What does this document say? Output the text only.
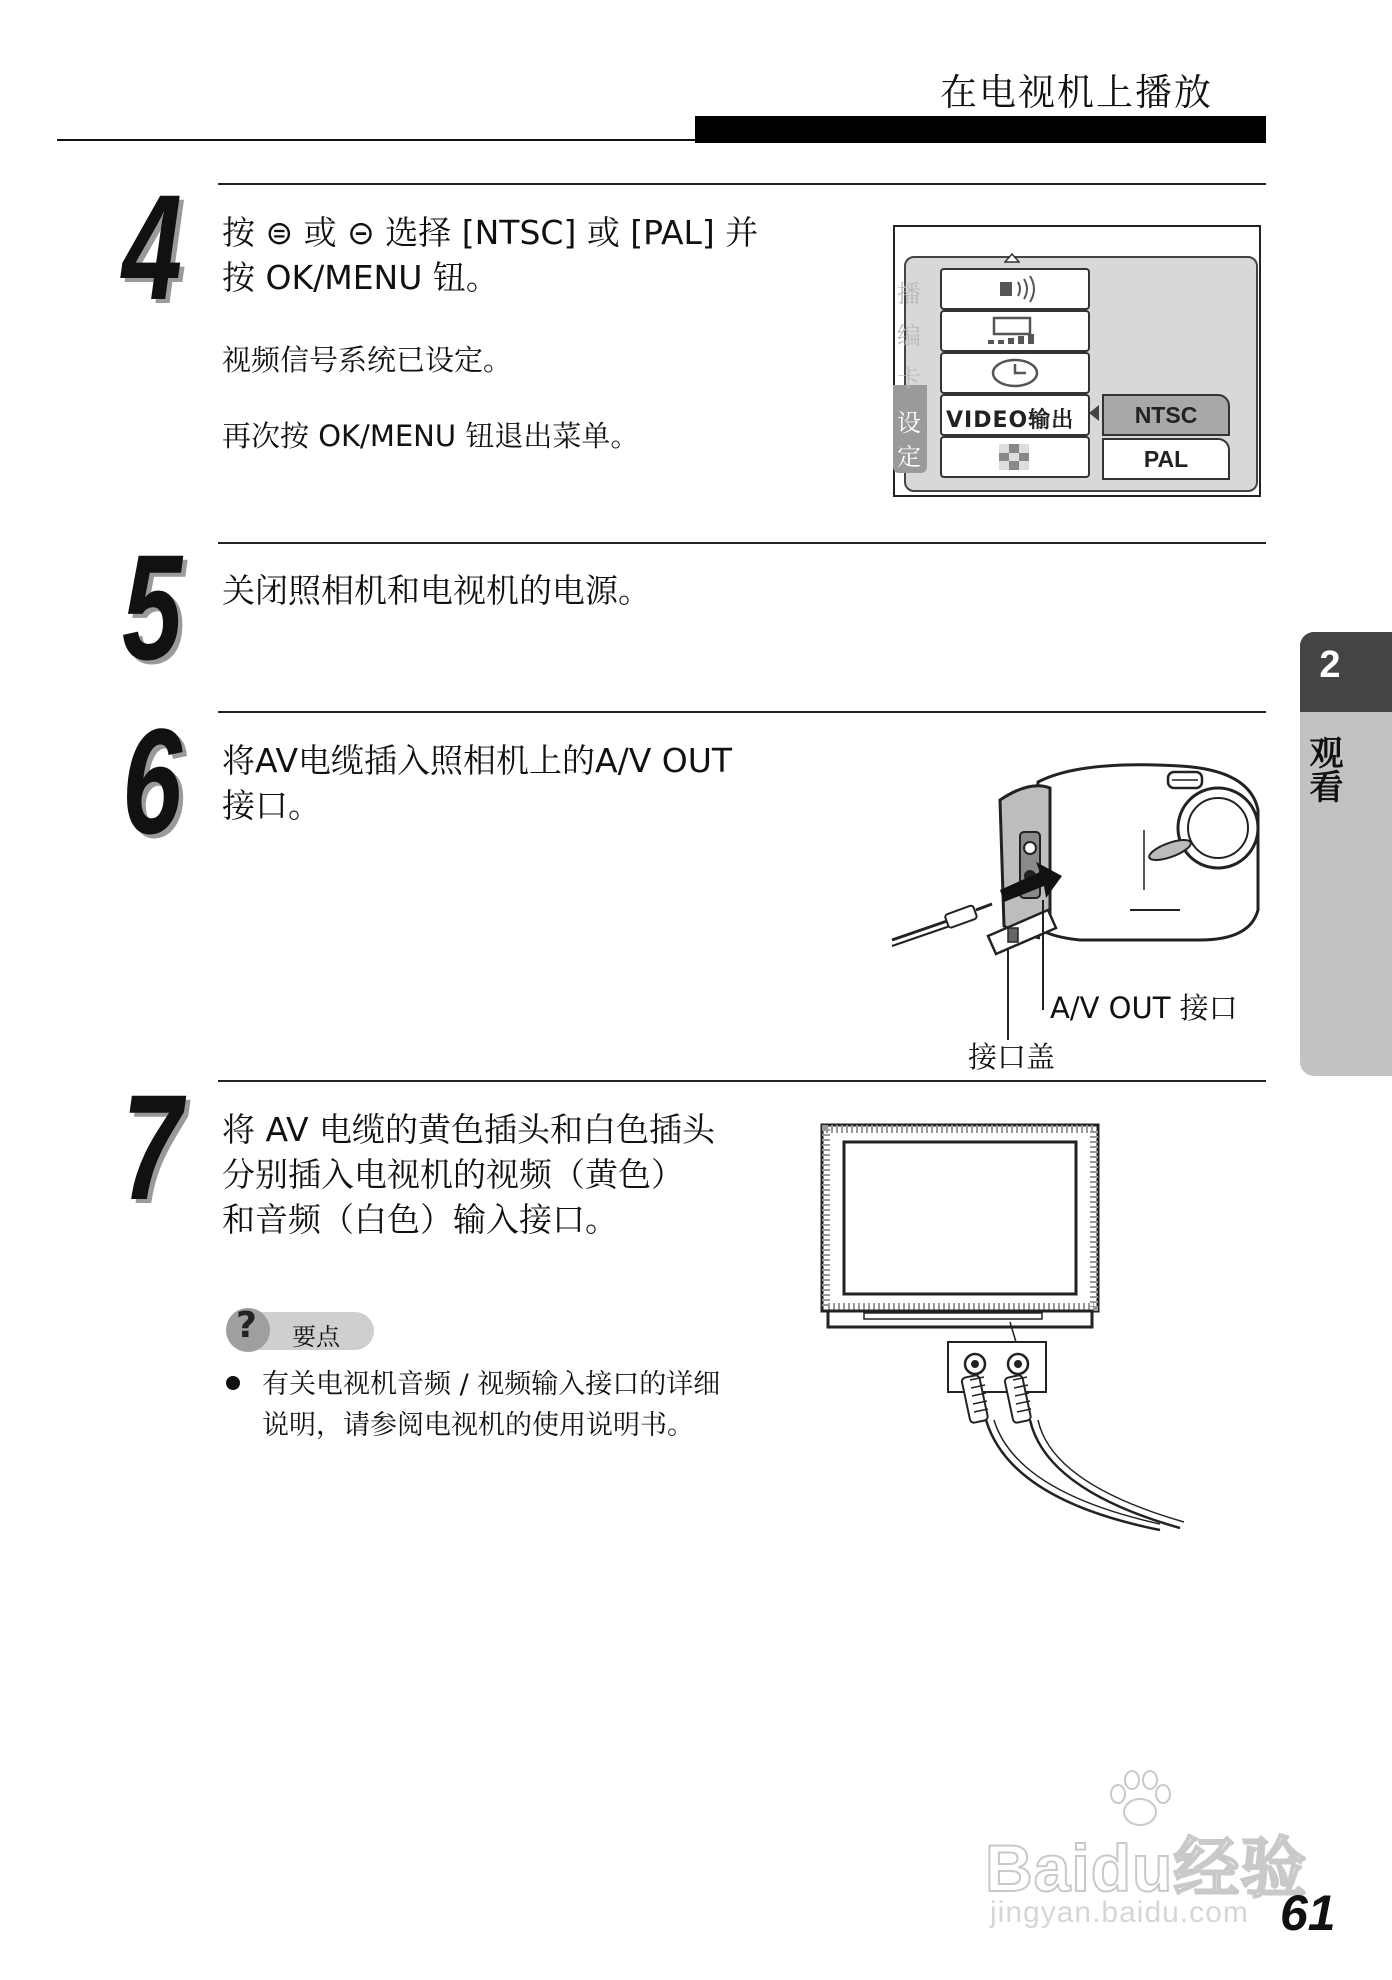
在电视机上播放
4 按 ⊜ 或 ⊝ 选择 [NTSC] 或 [PAL] 并
按 OK/MENU 钮。
视频信号系统已设定。
再次按 OK/MENU 钮退出菜单。
播
编
卡
设
定
VIDEO输出	NTSC
PAL
2
观看
5 关闭照相机和电视机的电源。
6 将AV电缆插入照相机上的A/V OUT
接口。
A/V OUT 接口
接口盖
7 将 AV 电缆的黄色插头和白色插头
分别插入电视机的视频（黄色）
和音频（白色）输入接口。
? 要点
有关电视机音频 / 视频输入接口的详细
说明，请参阅电视机的使用说明书。
Baidu经验
jingyan.baidu.com 61
